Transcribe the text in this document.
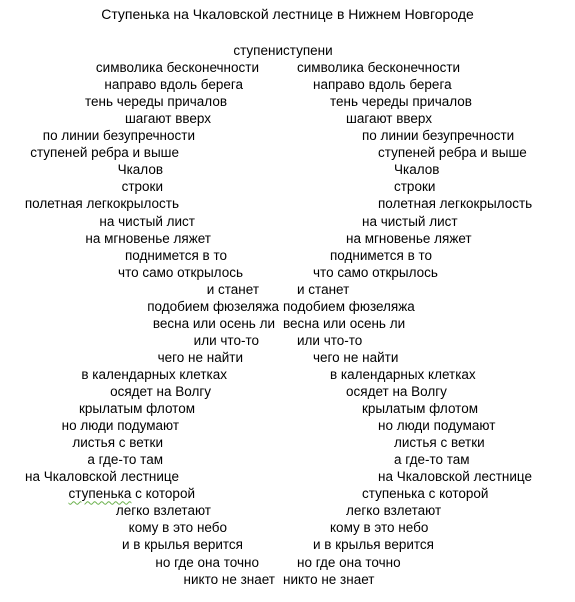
Ступенька на Чкаловской лестнице в Нижнем Новгороде
ступени ступени
символика бесконечности	символика бесконечности
направо вдоль берега	направо вдоль берега
тень череды причалов	тень череды причалов
шагают вверх	шагают вверх
по линии безупречности	по линии безупречности
ступеней ребра и выше	ступеней ребра и выше
Чкалов	Чкалов
строки	строки
полетная легкокрылость	полетная легкокрылость
на чистый лист	на чистый лист
на мгновенье ляжет	на мгновенье ляжет
поднимется в то	поднимется в то
что само открылось	что само открылось
и станет	и станет
подобием фюзеляжа подобием фюзеляжа
весна или осень ли весна или осень ли
или что-то	или что-то
чего не найти	чего не найти
в календарных клетках	в календарных клетках
осядет на Волгу	осядет на Волгу
крылатым флотом	крылатым флотом
но люди подумают	но люди подумают
листья с ветки	листья с ветки
а где-то там	а где-то там
на Чкаловской лестнице	на Чкаловской лестнице
ступенька с которой	ступенька с которой
легко взлетают	легко взлетают
кому в это небо	кому в это небо
и в крылья верится	и в крылья верится
но где она точно	но где она точно
никто не знает никто не знает
